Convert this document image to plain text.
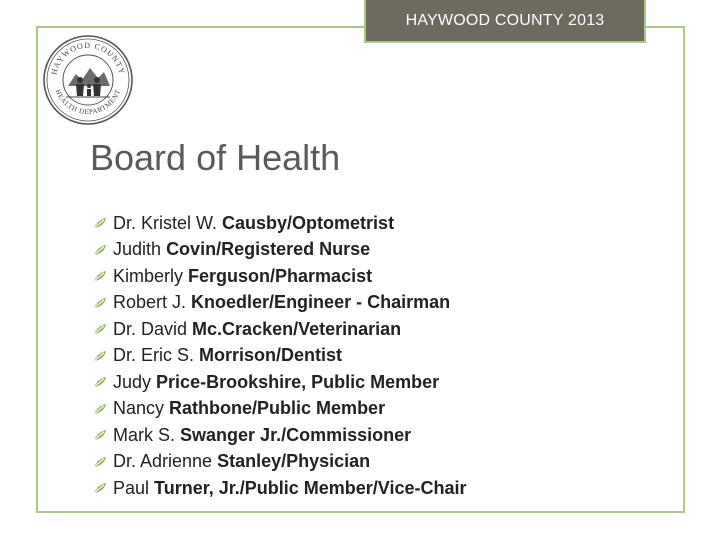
HAYWOOD COUNTY 2013
HAYWOOD COUNTY
HEALTH DEPARTMENT
Board of Health
Dr. Kristel W.
Causby/Optometrist
Judith
Covin/Registered Nurse
Kimberly
Ferguson/Pharmacist
Robert J.
Knoedler/Engineer - Chairman
Dr. David
Mc.Cracken/Veterinarian
Dr. Eric S.
Morrison/Dentist
Judy
Price-Brookshire, Public Member
Nancy
Rathbone/Public Member
Mark S.
Swanger Jr./Commissioner
Dr. Adrienne
Stanley/Physician
Paul
Turner, Jr./Public Member/Vice-Chair
